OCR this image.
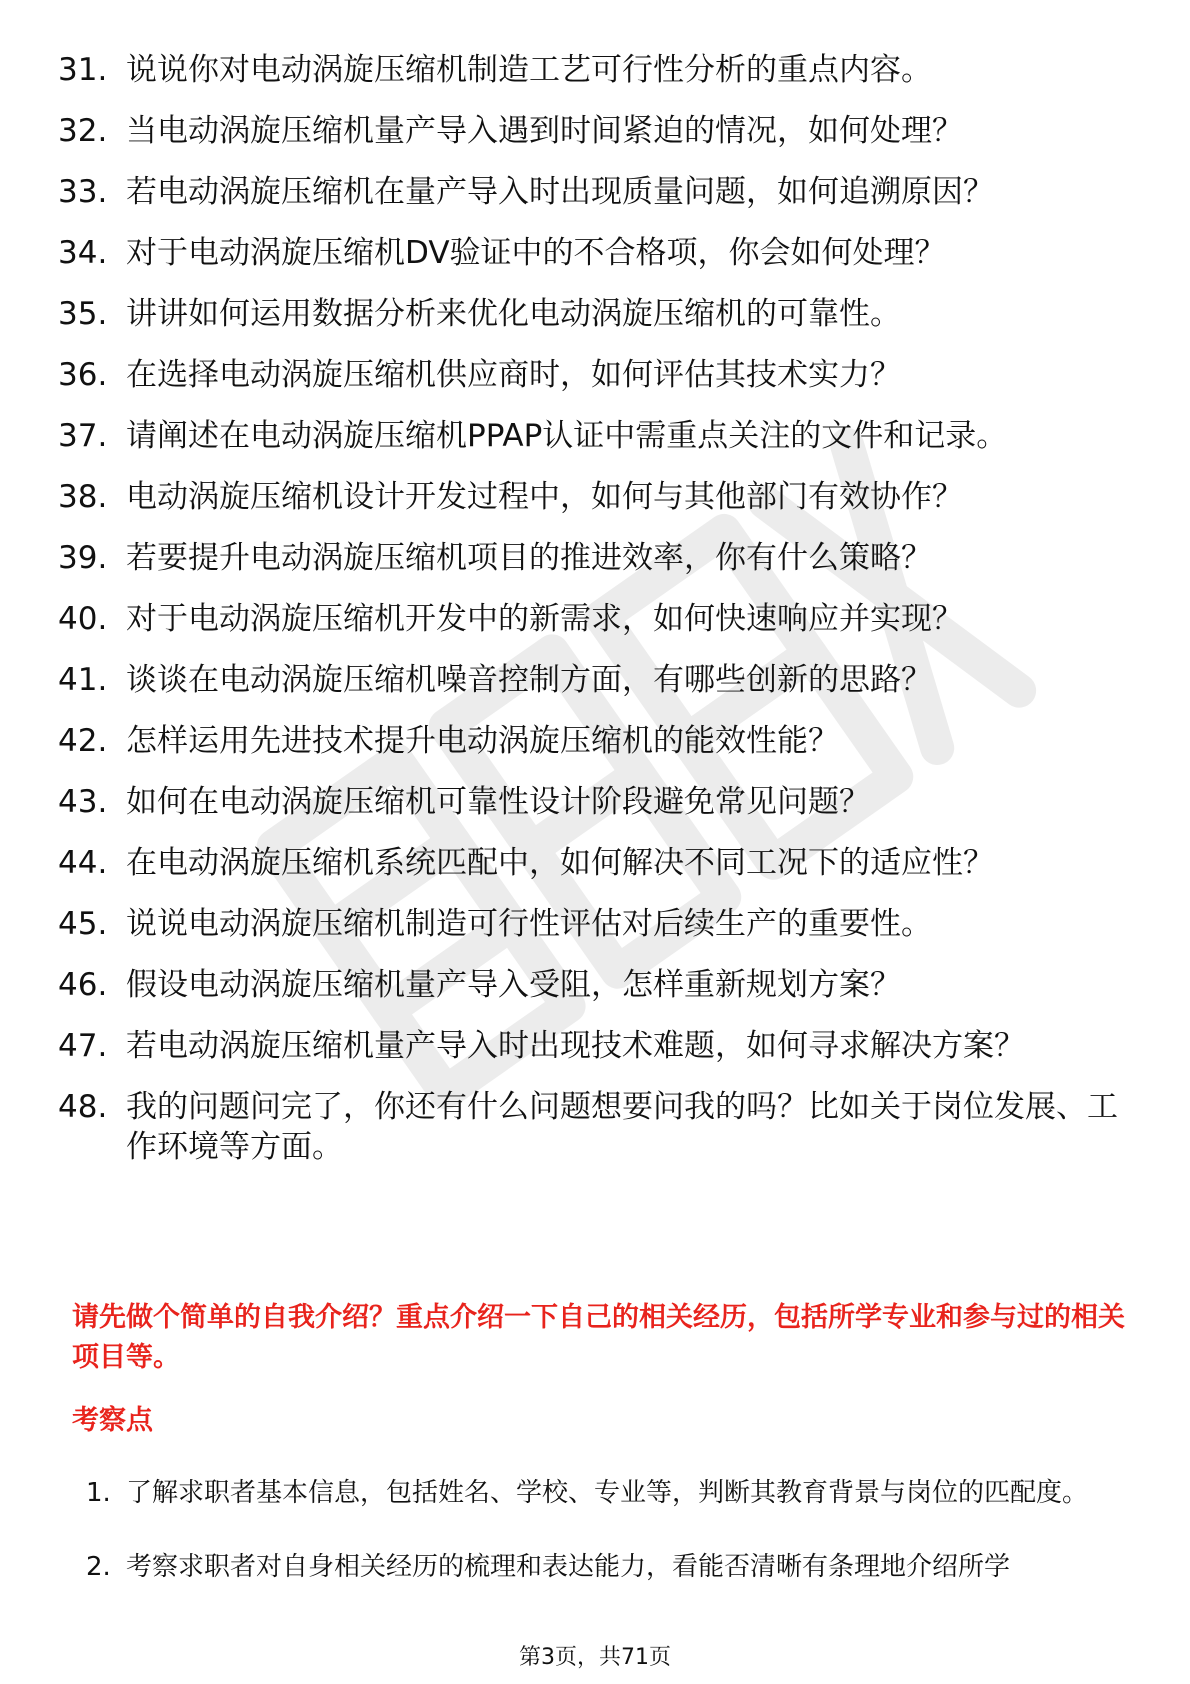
31. 说说你对电动涡旋压缩机制造工艺可行性分析的重点内容。
32. 当电动涡旋压缩机量产导入遇到时间紧迫的情况，如何处理？
33. 若电动涡旋压缩机在量产导入时出现质量问题，如何追溯原因？
34. 对于电动涡旋压缩机DV验证中的不合格项，你会如何处理？
35. 讲讲如何运用数据分析来优化电动涡旋压缩机的可靠性。
36. 在选择电动涡旋压缩机供应商时，如何评估其技术实力？
37. 请阐述在电动涡旋压缩机PPAP认证中需重点关注的文件和记录。
38. 电动涡旋压缩机设计开发过程中，如何与其他部门有效协作？
39. 若要提升电动涡旋压缩机项目的推进效率，你有什么策略？
40. 对于电动涡旋压缩机开发中的新需求，如何快速响应并实现？
41. 谈谈在电动涡旋压缩机噪音控制方面，有哪些创新的思路？
42. 怎样运用先进技术提升电动涡旋压缩机的能效性能？
43. 如何在电动涡旋压缩机可靠性设计阶段避免常见问题？
44. 在电动涡旋压缩机系统匹配中，如何解决不同工况下的适应性？
45. 说说电动涡旋压缩机制造可行性评估对后续生产的重要性。
46. 假设电动涡旋压缩机量产导入受阻，怎样重新规划方案？
47. 若电动涡旋压缩机量产导入时出现技术难题，如何寻求解决方案？
48. 我的问题问完了，你还有什么问题想要问我的吗？比如关于岗位发展、工作环境等方面。
请先做个简单的自我介绍？重点介绍一下自己的相关经历，包括所学专业和参与过的相关项目等。
考察点
1. 了解求职者基本信息，包括姓名、学校、专业等，判断其教育背景与岗位的匹配度。
2. 考察求职者对自身相关经历的梳理和表达能力，看能否清晰有条理地介绍所学
第3页，共71页
